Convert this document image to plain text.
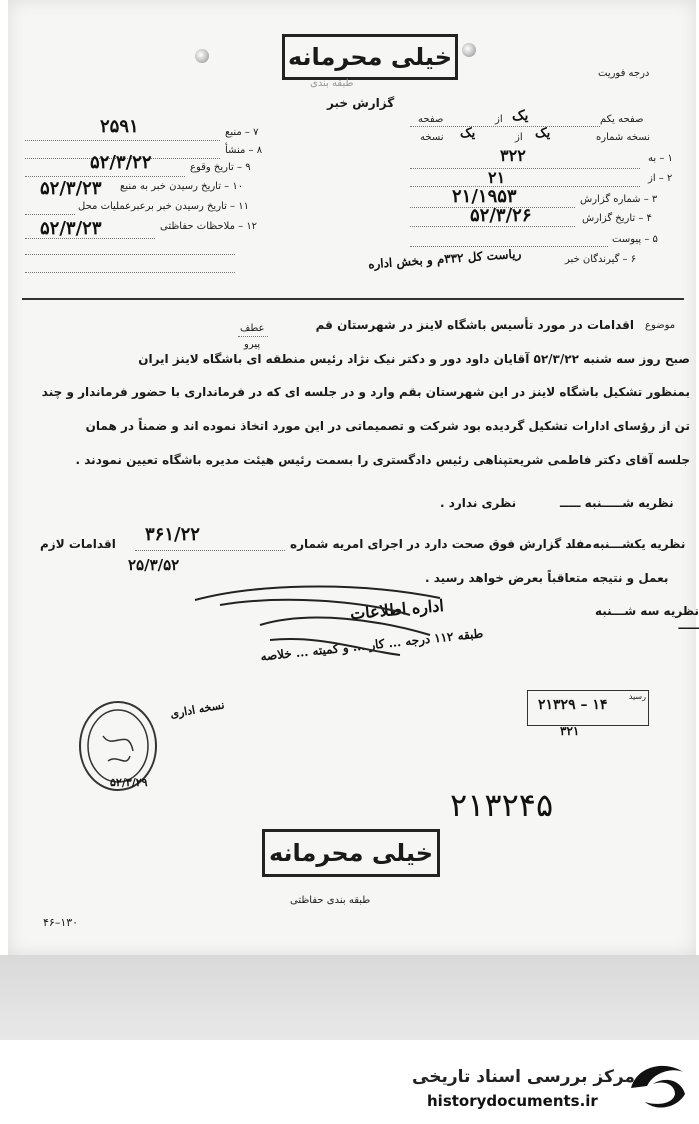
خیلی محرمانه
طبقه بندی
درجه فوریت
گزارش خبر
۷ – منبع
۲۵۹۱
۸ – منشأ
۹ – تاریخ وقوع
۵۲/۳/۲۲
۱۰ – تاریخ رسیدن خبر به منبع
۵۲/۳/۲۳
۱۱ – تاریخ رسیدن خبر برعبرعملیات محل
۱۲ – ملاحظات حفاظتی
۵۲/۳/۲۳
صفحه یکم
یک
از
صفحه
نسخه شماره
یک
از
یک
نسخه
۱ – به
۳۲۲
۲ – از
۲۱
۳ – شماره گزارش
۲۱/۱۹۵۳
۴ – تاریخ گزارش
۵۲/۳/۲۶
۵ – پیوست
۶ – گیرندگان خبر
ریاست کل ۳۳۲م و بخش اداره
موضوع
اقدامات در مورد تأسیس باشگاه لاینز در شهرستان قم
عطف
پیرو
صبح روز سه شنبه ۵۲/۳/۲۲ آقایان داود دور و دکتر نیک نژاد رئیس منطقه ای باشگاه لاینز ایران
بمنظور تشکیل باشگاه لاینز در این شهرستان بقم وارد و در جلسه ای که در فرمانداری با حضور فرماندار و چند
تن از رؤسای ادارات تشکیل گردیده بود شرکت و تصمیماتی در این مورد اتخاذ نموده اند و ضمناً در همان
جلسه آقای دکتر فاطمی شریعتپناهی رئیس دادگستری را بسمت رئیس هیئت مدیره باشگاه تعیین نمودند .
نظریه شـــــنبه ـــــ
نظری ندارد .
نظریه یکشـــنبه ـــــ
مفاد گزارش فوق صحت دارد در اجرای امریه شماره
۳۶۱/۲۲
اقدامات لازم
۲۵/۳/۵۲
بعمل و نتیجه متعاقباً بعرض خواهد رسید .
نظریه سه شـــنبه ـــــ
اداره اطلاعات
طبقه ۱۱۲ درجه ... کار ... و کمیته ... خلاصه
۵۲/۳/۲۹
نسخه اداری
رسید
۲۱۳۲۹ – ۱۴
۳۲۱
۲۱۳۲۴۵
خیلی محرمانه
طبقه بندی حفاظتی
۴۶–۱۳۰
مرکز بررسی اسناد تاریخی
historydocuments.ir
